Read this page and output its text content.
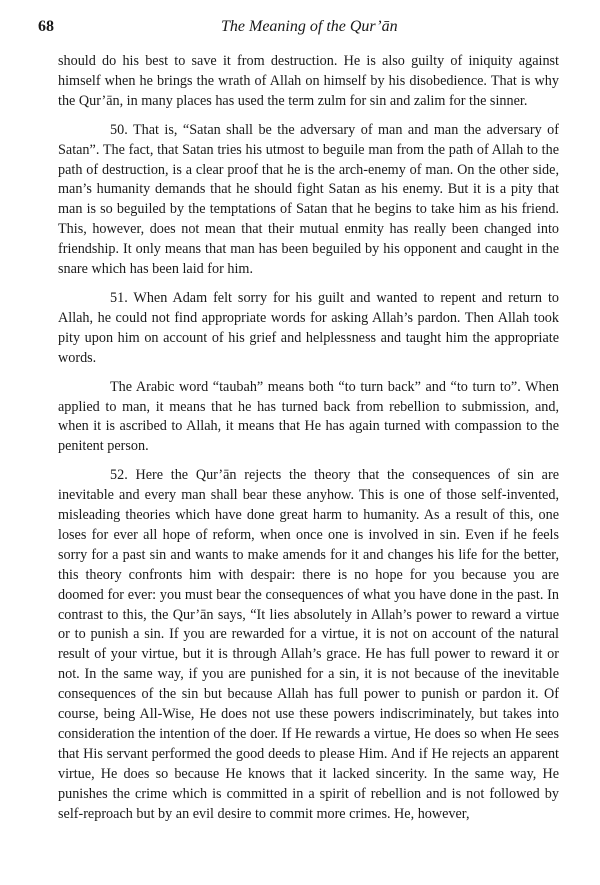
68	The Meaning of the Qur’ān

should do his best to save it from destruction. He is also guilty of iniquity against himself when he brings the wrath of Allah on himself by his disobedience. That is why the Qur’ān, in many places has used the term zulm for sin and zalim for the sinner.

50. That is, “Satan shall be the adversary of man and man the adversary of Satan”. The fact, that Satan tries his utmost to beguile man from the path of Allah to the path of destruction, is a clear proof that he is the arch-enemy of man. On the other side, man’s humanity demands that he should fight Satan as his enemy. But it is a pity that man is so beguiled by the temptations of Satan that he begins to take him as his friend. This, however, does not mean that their mutual enmity has really been changed into friendship. It only means that man has been beguiled by his opponent and caught in the snare which has been laid for him.

51. When Adam felt sorry for his guilt and wanted to repent and return to Allah, he could not find appropriate words for asking Allah’s pardon. Then Allah took pity upon him on account of his grief and helplessness and taught him the appropriate words.

The Arabic word “taubah” means both “to turn back” and “to turn to”. When applied to man, it means that he has turned back from rebellion to submission, and, when it is ascribed to Allah, it means that He has again turned with compassion to the penitent person.

52. Here the Qur’ān rejects the theory that the consequences of sin are inevitable and every man shall bear these anyhow. This is one of those self-invented, misleading theories which have done great harm to humanity. As a result of this, one loses for ever all hope of reform, when once one is involved in sin. Even if he feels sorry for a past sin and wants to make amends for it and changes his life for the better, this theory confronts him with despair: there is no hope for you because you are doomed for ever: you must bear the consequences of what you have done in the past. In contrast to this, the Qur’ān says, “It lies absolutely in Allah’s power to reward a virtue or to punish a sin. If you are rewarded for a virtue, it is not on account of the natural result of your virtue, but it is through Allah’s grace. He has full power to reward it or not. In the same way, if you are punished for a sin, it is not because of the inevitable consequences of the sin but because Allah has full power to punish or pardon it. Of course, being All-Wise, He does not use these powers indiscriminately, but takes into consideration the intention of the doer. If He rewards a virtue, He does so when He sees that His servant performed the good deeds to please Him. And if He rejects an apparent virtue, He does so because He knows that it lacked sincerity. In the same way, He punishes the crime which is committed in a spirit of rebellion and is not followed by self-reproach but by an evil desire to commit more crimes. He, however,
